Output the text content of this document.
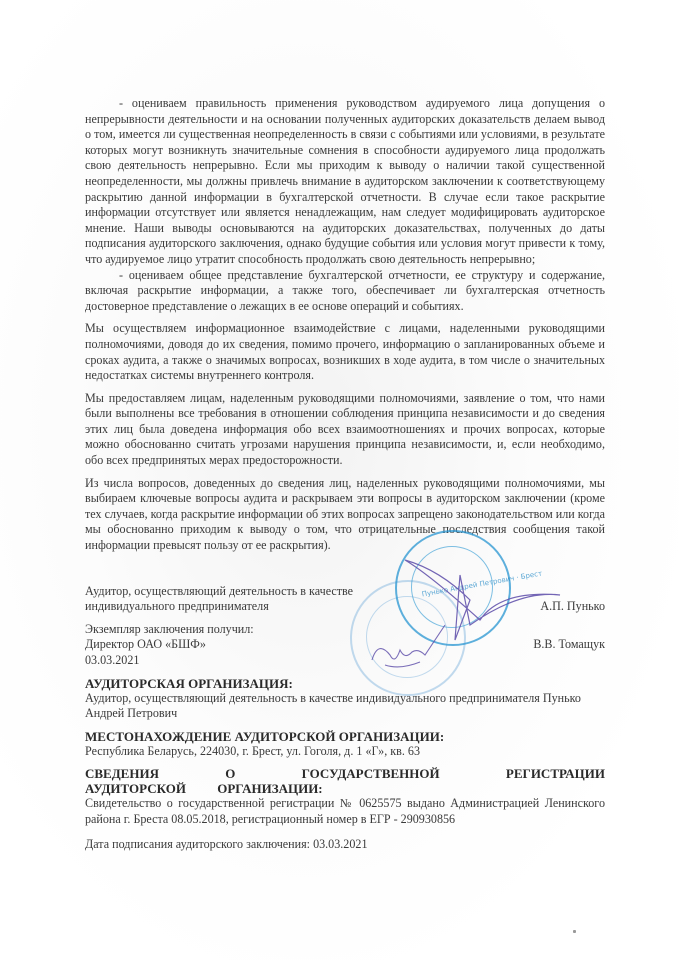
- оцениваем правильность применения руководством аудируемого лица допущения о непрерывности деятельности и на основании полученных аудиторских доказательств делаем вывод о том, имеется ли существенная неопределенность в связи с событиями или условиями, в результате которых могут возникнуть значительные сомнения в способности аудируемого лица продолжать свою деятельность непрерывно. Если мы приходим к выводу о наличии такой существенной неопределенности, мы должны привлечь внимание в аудиторском заключении к соответствующему раскрытию данной информации в бухгалтерской отчетности. В случае если такое раскрытие информации отсутствует или является ненадлежащим, нам следует модифицировать аудиторское мнение. Наши выводы основываются на аудиторских доказательствах, полученных до даты подписания аудиторского заключения, однако будущие события или условия могут привести к тому, что аудируемое лицо утратит способность продолжать свою деятельность непрерывно;

- оцениваем общее представление бухгалтерской отчетности, ее структуру и содержание, включая раскрытие информации, а также того, обеспечивает ли бухгалтерская отчетность достоверное представление о лежащих в ее основе операций и событиях.

Мы осуществляем информационное взаимодействие с лицами, наделенными руководящими полномочиями, доводя до их сведения, помимо прочего, информацию о запланированных объеме и сроках аудита, а также о значимых вопросах, возникших в ходе аудита, в том числе о значительных недостатках системы внутреннего контроля.

Мы предоставляем лицам, наделенным руководящими полномочиями, заявление о том, что нами были выполнены все требования в отношении соблюдения принципа независимости и до сведения этих лиц была доведена информация обо всех взаимоотношениях и прочих вопросах, которые можно обоснованно считать угрозами нарушения принципа независимости, и, если необходимо, обо всех предпринятых мерах предосторожности.

Из числа вопросов, доведенных до сведения лиц, наделенных руководящими полномочиями, мы выбираем ключевые вопросы аудита и раскрываем эти вопросы в аудиторском заключении (кроме тех случаев, когда раскрытие информации об этих вопросах запрещено законодательством или когда мы обоснованно приходим к выводу о том, что отрицательные последствия сообщения такой информации превысят пользу от ее раскрытия).

Аудитор, осуществляющий деятельность в качестве
индивидуального предпринимателя	А.П. Пунько
Экземпляр заключения получил:
Директор ОАО «БШФ»	В.В. Томащук
03.03.2021
АУДИТОРСКАЯ ОРГАНИЗАЦИЯ:

Аудитор, осуществляющий деятельность в качестве индивидуального предпринимателя Пунько Андрей Петрович

МЕСТОНАХОЖДЕНИЕ АУДИТОРСКОЙ ОРГАНИЗАЦИИ:

Республика Беларусь, 224030, г. Брест, ул. Гоголя, д. 1 «Г», кв. 63

СВЕДЕНИЯ О ГОСУДАРСТВЕННОЙ РЕГИСТРАЦИИ АУДИТОРСКОЙ ОРГАНИЗАЦИИ:

Свидетельство о государственной регистрации № 0625575 выдано Администрацией Ленинского района г. Бреста 08.05.2018, регистрационный номер в ЕГР - 290930856

Дата подписания аудиторского заключения: 03.03.2021

Пунько Андрей Петрович · Брест
